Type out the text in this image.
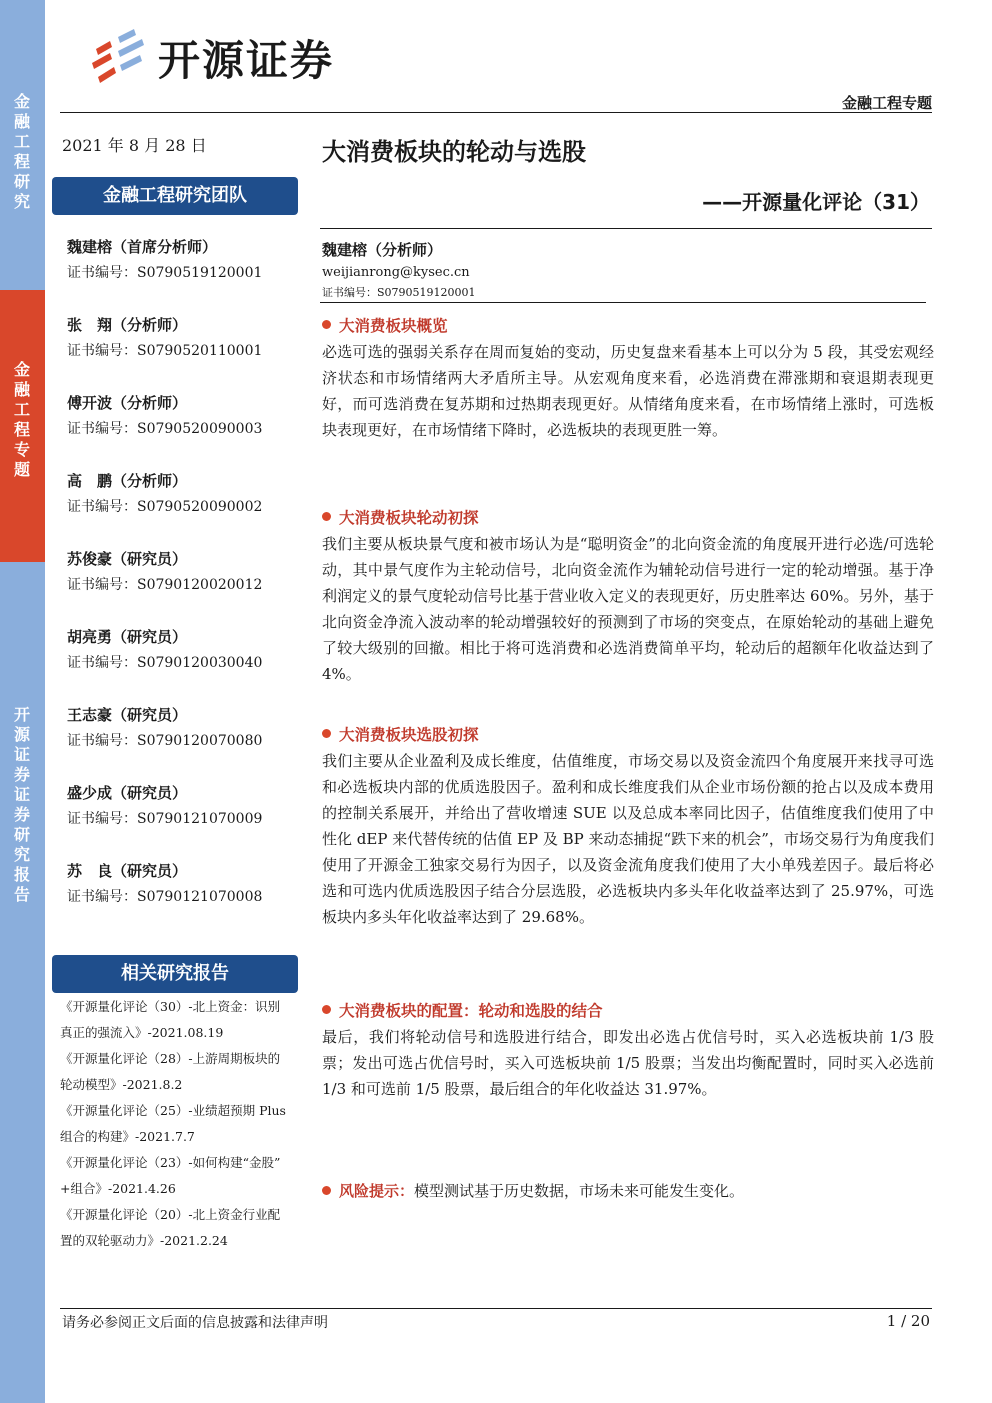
金融工程研究
金融工程专题
开源证券 证券研究报告
开源证券
金融工程专题
2021 年 8 月 28 日
金融工程研究团队
魏建榕（首席分析师）
证书编号：S0790519120001
张　翔（分析师）
证书编号：S0790520110001
傅开波（分析师）
证书编号：S0790520090003
高　鹏（分析师）
证书编号：S0790520090002
苏俊豪（研究员）
证书编号：S0790120020012
胡亮勇（研究员）
证书编号：S0790120030040
王志豪（研究员）
证书编号：S0790120070080
盛少成（研究员）
证书编号：S0790121070009
苏　良（研究员）
证书编号：S0790121070008
相关研究报告
《开源量化评论（30）-北上资金：识别
真正的强流入》-2021.08.19
《开源量化评论（28）-上游周期板块的
轮动模型》-2021.8.2
《开源量化评论（25）-业绩超预期 Plus
组合的构建》-2021.7.7
《开源量化评论（23）-如何构建“金股”
+组合》-2021.4.26
《开源量化评论（20）-北上资金行业配
置的双轮驱动力》-2021.2.24
大消费板块的轮动与选股
——开源量化评论（31）
魏建榕（分析师）
weijianrong@kysec.cn
证书编号：S0790519120001
大消费板块概览
必选可选的强弱关系存在周而复始的变动，历史复盘来看基本上可以分为 5 段，其受宏观经济状态和市场情绪两大矛盾所主导。从宏观角度来看，必选消费在滞涨期和衰退期表现更好，而可选消费在复苏期和过热期表现更好。从情绪角度来看，在市场情绪上涨时，可选板块表现更好，在市场情绪下降时，必选板块的表现更胜一筹。
大消费板块轮动初探
我们主要从板块景气度和被市场认为是“聪明资金”的北向资金流的角度展开进行必选/可选轮动，其中景气度作为主轮动信号，北向资金流作为辅轮动信号进行一定的轮动增强。基于净利润定义的景气度轮动信号比基于营业收入定义的表现更好，历史胜率达 60%。另外，基于北向资金净流入波动率的轮动增强较好的预测到了市场的突变点，在原始轮动的基础上避免了较大级别的回撤。相比于将可选消费和必选消费简单平均，轮动后的超额年化收益达到了 4%。
大消费板块选股初探
我们主要从企业盈利及成长维度，估值维度，市场交易以及资金流四个角度展开来找寻可选和必选板块内部的优质选股因子。盈利和成长维度我们从企业市场份额的抢占以及成本费用的控制关系展开，并给出了营收增速 SUE 以及总成本率同比因子，估值维度我们使用了中性化 dEP 来代替传统的估值 EP 及 BP 来动态捕捉“跌下来的机会”，市场交易行为角度我们使用了开源金工独家交易行为因子，以及资金流角度我们使用了大小单残差因子。最后将必选和可选内优质选股因子结合分层选股，必选板块内多头年化收益率达到了 25.97%，可选板块内多头年化收益率达到了 29.68%。
大消费板块的配置：轮动和选股的结合
最后，我们将轮动信号和选股进行结合，即发出必选占优信号时，买入必选板块前 1/3 股票；发出可选占优信号时，买入可选板块前 1/5 股票；当发出均衡配置时，同时买入必选前 1/3 和可选前 1/5 股票，最后组合的年化收益达 31.97%。
风险提示：模型测试基于历史数据，市场未来可能发生变化。
请务必参阅正文后面的信息披露和法律声明	1 / 20
